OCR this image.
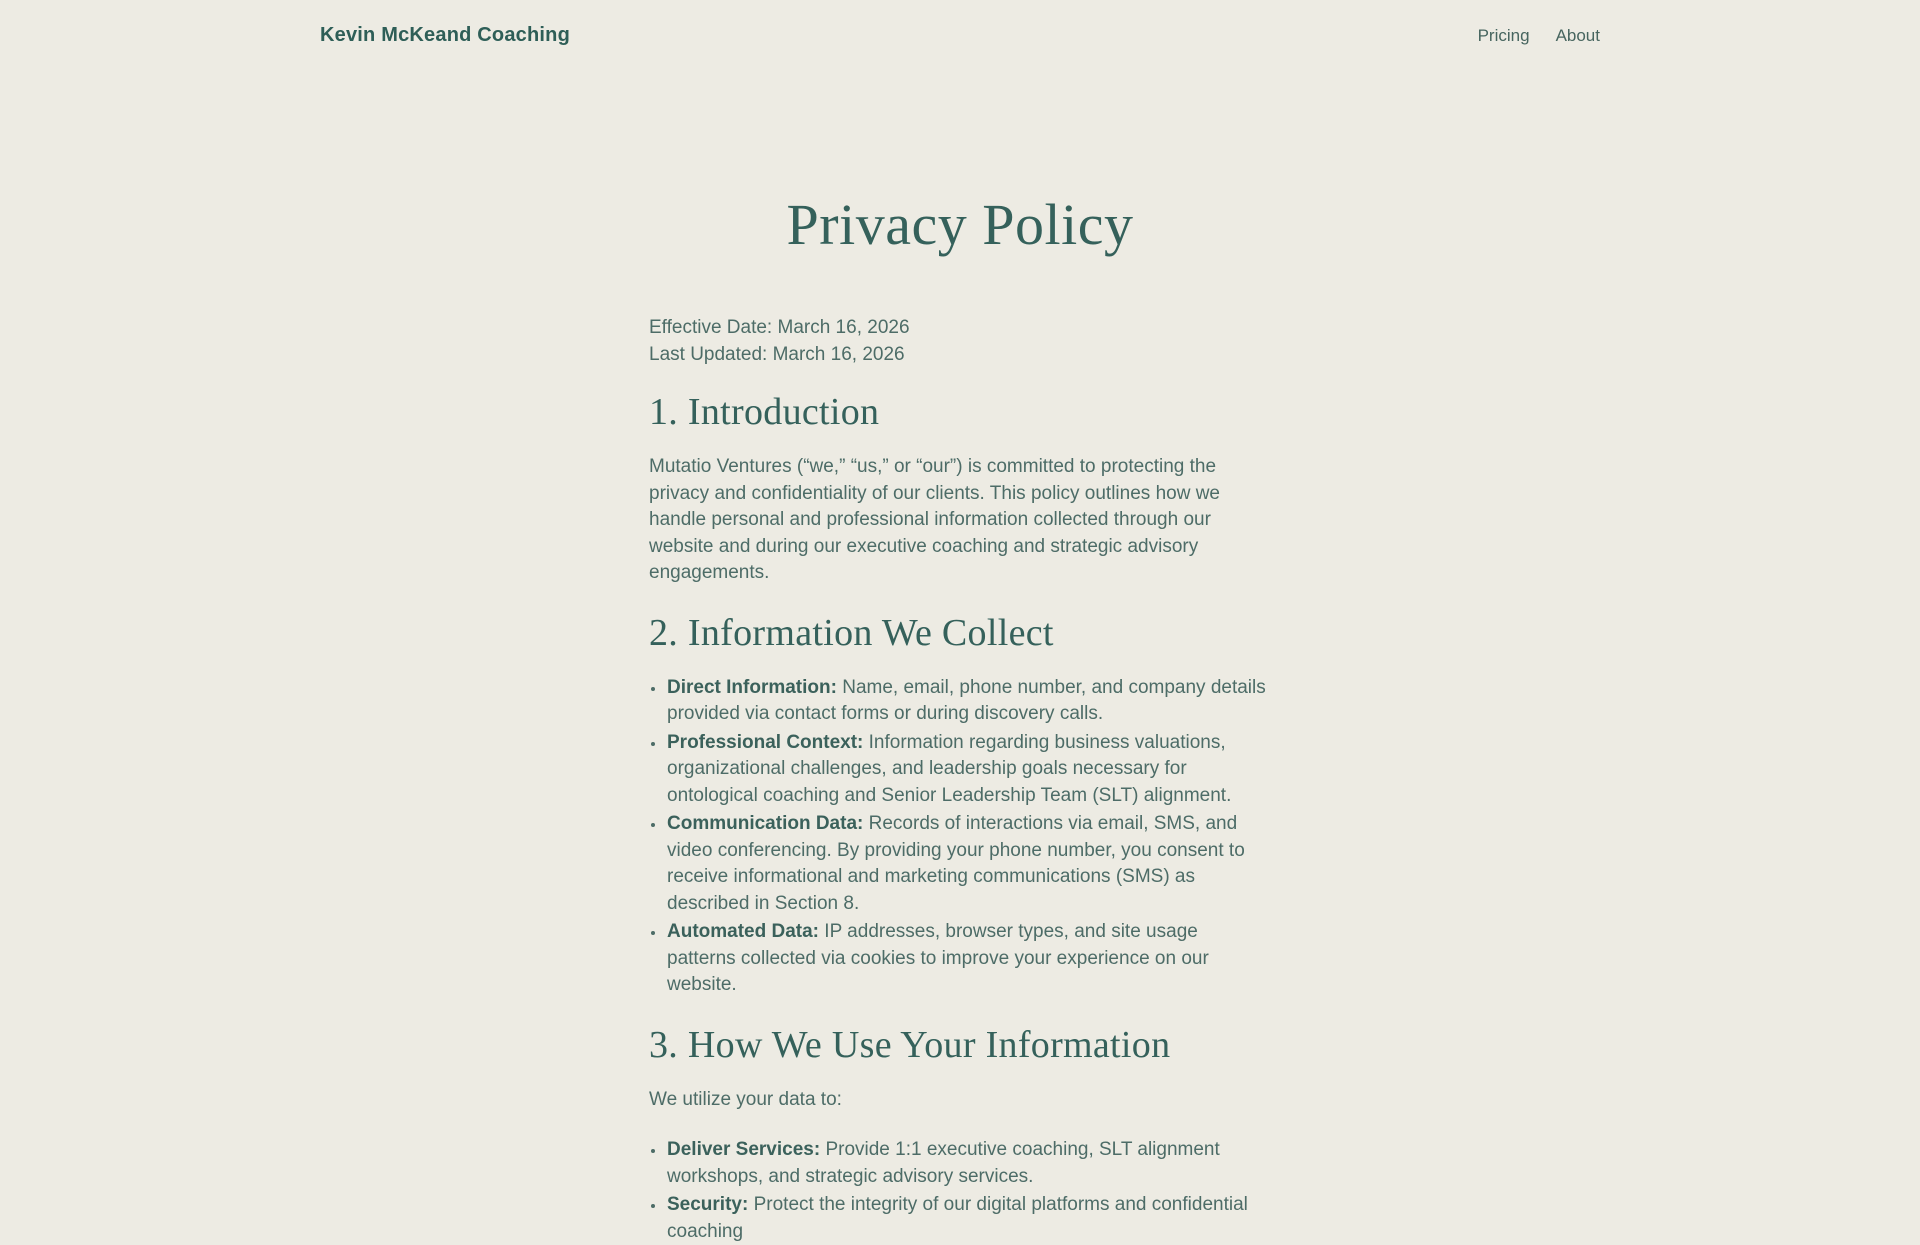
Kevin McKeand Coaching	Pricing About
Privacy Policy

Effective Date: March 16, 2026

Last Updated: March 16, 2026

1. Introduction

Mutatio Ventures (“we,” “us,” or “our”) is committed to protecting the privacy and confidentiality of our clients. This policy outlines how we handle personal and professional information collected through our website and during our executive coaching and strategic advisory engagements.

2. Information We Collect
• Direct Information: Name, email, phone number, and company details provided via contact forms or during discovery calls.
• Professional Context: Information regarding business valuations, organizational challenges, and leadership goals necessary for ontological coaching and Senior Leadership Team (SLT) alignment.
• Communication Data: Records of interactions via email, SMS, and video conferencing. By providing your phone number, you consent to receive informational and marketing communications (SMS) as described in Section 8.
• Automated Data: IP addresses, browser types, and site usage patterns collected via cookies to improve your experience on our website.
3. How We Use Your Information

We utilize your data to:

• Deliver Services: Provide 1:1 executive coaching, SLT alignment workshops, and strategic advisory services.
• Security: Protect the integrity of our digital platforms and confidential coaching
